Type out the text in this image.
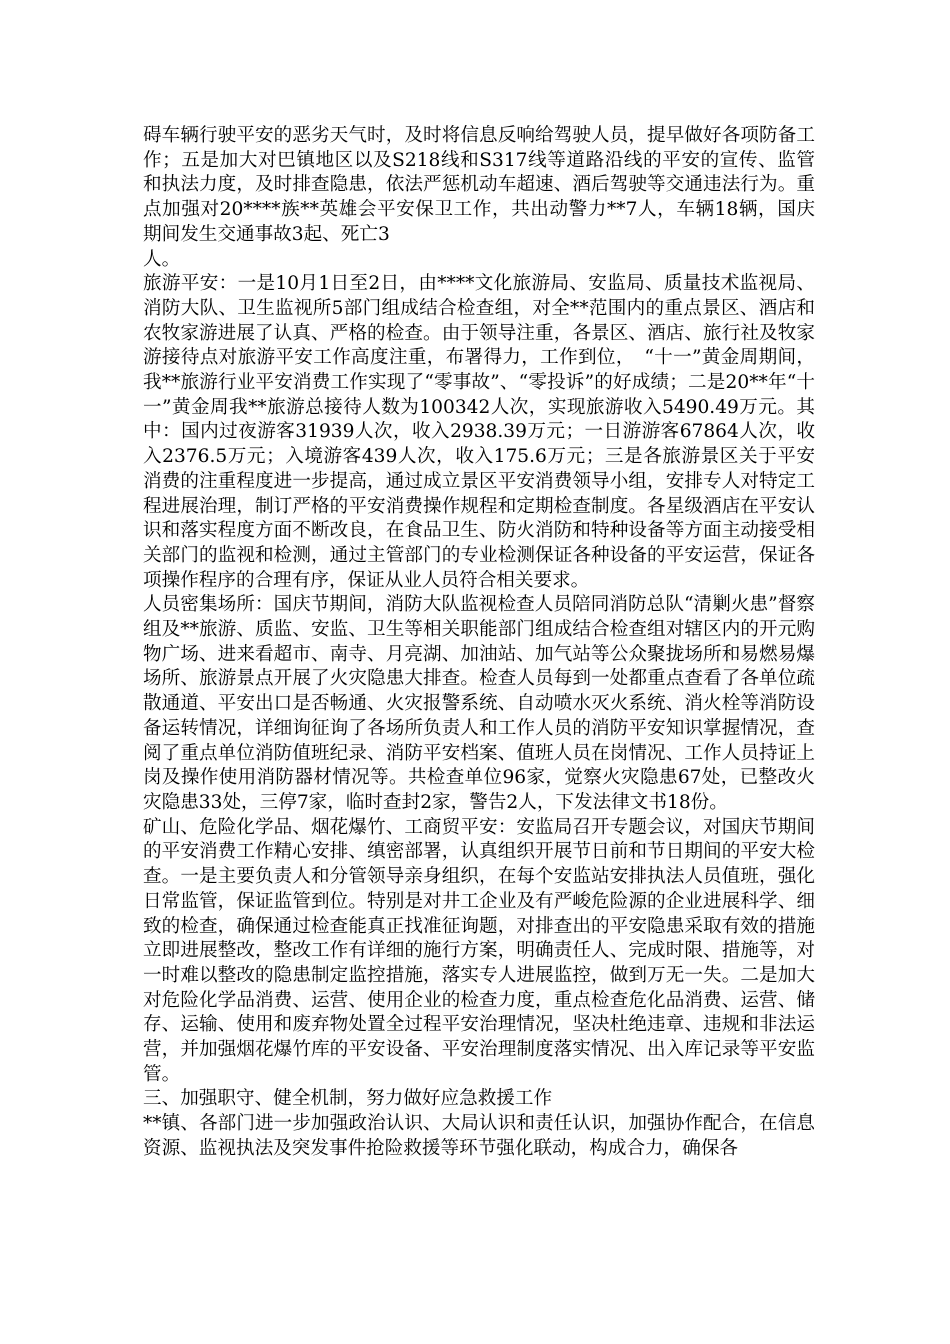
碍车辆行驶平安的恶劣天气时，及时将信息反响给驾驶人员，提早做好各项防备工作；五是加大对巴镇地区以及S218线和S317线等道路沿线的平安的宣传、监管和执法力度，及时排查隐患，依法严惩机动车超速、酒后驾驶等交通违法行为。重点加强对20****族**英雄会平安保卫工作，共出动警力**7人，车辆18辆，国庆期间发生交通事故3起、死亡3

人。

旅游平安：一是10月1日至2日，由****文化旅游局、安监局、质量技术监视局、消防大队、卫生监视所5部门组成结合检查组，对全**范围内的重点景区、酒店和农牧家游进展了认真、严格的检查。由于领导注重，各景区、酒店、旅行社及牧家游接待点对旅游平安工作高度注重，布署得力，工作到位，　“十一”黄金周期间，我**旅游行业平安消费工作实现了“零事故”、“零投诉”的好成绩；二是20**年“十一”黄金周我**旅游总接待人数为100342人次，实现旅游收入5490.49万元。其中：国内过夜游客31939人次，收入2938.39万元；一日游游客67864人次，收入2376.5万元；入境游客439人次，收入175.6万元；三是各旅游景区关于平安消费的注重程度进一步提高，通过成立景区平安消费领导小组，安排专人对特定工程进展治理，制订严格的平安消费操作规程和定期检查制度。各星级酒店在平安认识和落实程度方面不断改良，在食品卫生、防火消防和特种设备等方面主动接受相关部门的监视和检测，通过主管部门的专业检测保证各种设备的平安运营，保证各项操作程序的合理有序，保证从业人员符合相关要求。

人员密集场所：国庆节期间，消防大队监视检查人员陪同消防总队“清剿火患”督察组及**旅游、质监、安监、卫生等相关职能部门组成结合检查组对辖区内的开元购物广场、进来看超市、南寺、月亮湖、加油站、加气站等公众聚拢场所和易燃易爆场所、旅游景点开展了火灾隐患大排查。检查人员每到一处都重点查看了各单位疏散通道、平安出口是否畅通、火灾报警系统、自动喷水灭火系统、消火栓等消防设备运转情况，详细询征询了各场所负责人和工作人员的消防平安知识掌握情况，查阅了重点单位消防值班纪录、消防平安档案、值班人员在岗情况、工作人员持证上岗及操作使用消防器材情况等。共检查单位96家，觉察火灾隐患67处，已整改火灾隐患33处，三停7家，临时查封2家，警告2人，下发法律文书18份。

矿山、危险化学品、烟花爆竹、工商贸平安：安监局召开专题会议，对国庆节期间的平安消费工作精心安排、缜密部署，认真组织开展节日前和节日期间的平安大检查。一是主要负责人和分管领导亲身组织，在每个安监站安排执法人员值班，强化日常监管，保证监管到位。特别是对井工企业及有严峻危险源的企业进展科学、细致的检查，确保通过检查能真正找准征询题，对排查出的平安隐患采取有效的措施立即进展整改，整改工作有详细的施行方案，明确责任人、完成时限、措施等，对一时难以整改的隐患制定监控措施，落实专人进展监控，做到万无一失。二是加大对危险化学品消费、运营、使用企业的检查力度，重点检查危化品消费、运营、储存、运输、使用和废弃物处置全过程平安治理情况，坚决杜绝违章、违规和非法运营，并加强烟花爆竹库的平安设备、平安治理制度落实情况、出入库记录等平安监管。

三、加强职守、健全机制，努力做好应急救援工作

**镇、各部门进一步加强政治认识、大局认识和责任认识，加强协作配合，在信息资源、监视执法及突发事件抢险救援等环节强化联动，构成合力，确保各
